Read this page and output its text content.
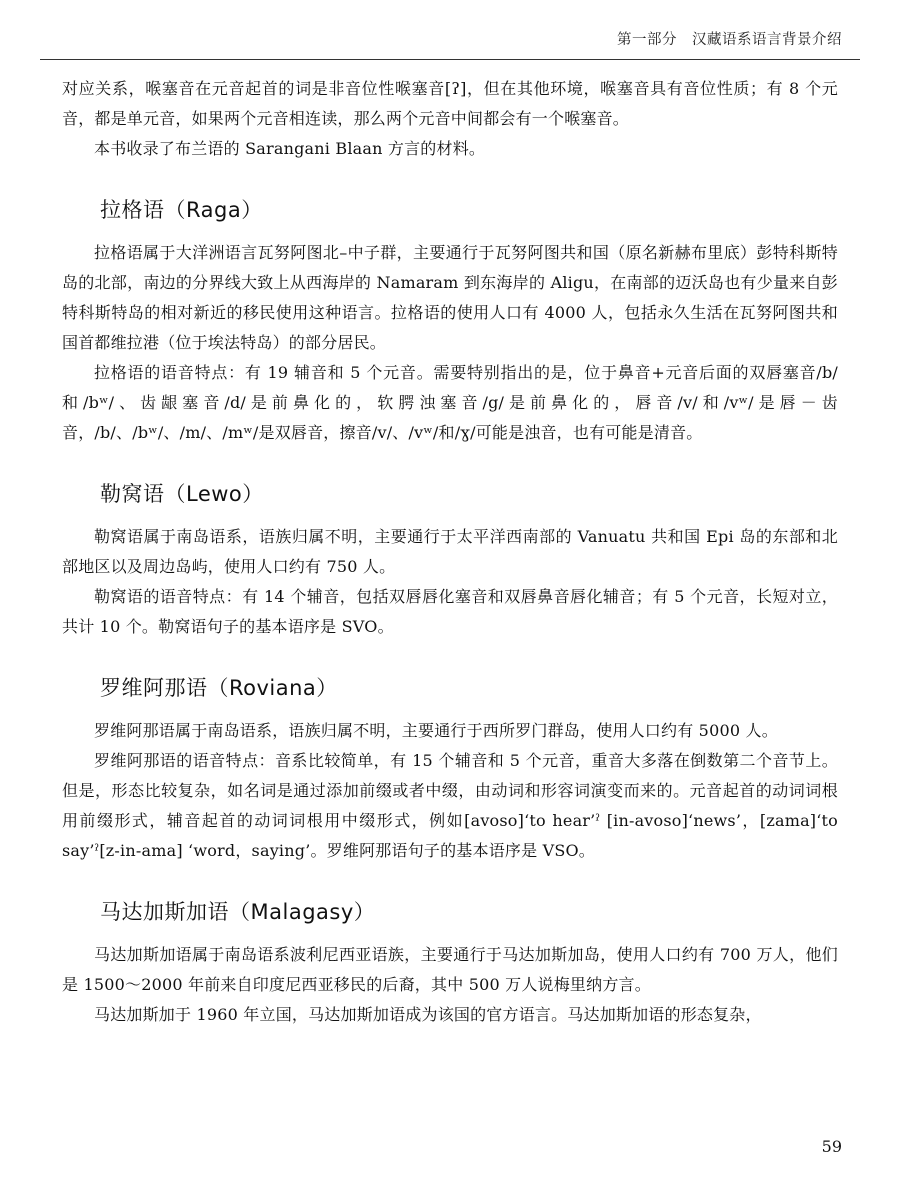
第一部分　汉藏语系语言背景介绍

对应关系，喉塞音在元音起首的词是非音位性喉塞音[ʔ]，但在其他环境，喉塞音具有音位性质；有 8 个元音，都是单元音，如果两个元音相连读，那么两个元音中间都会有一个喉塞音。

本书收录了布兰语的 Sarangani Blaan 方言的材料。

拉格语（Raga）

拉格语属于大洋洲语言瓦努阿图北–中子群，主要通行于瓦努阿图共和国（原名新赫布里底）彭特科斯特岛的北部，南边的分界线大致上从西海岸的 Namaram 到东海岸的 Aligu，在南部的迈沃岛也有少量来自彭特科斯特岛的相对新近的移民使用这种语言。拉格语的使用人口有 4000 人，包括永久生活在瓦努阿图共和国首都维拉港（位于埃法特岛）的部分居民。

拉格语的语音特点：有 19 辅音和 5 个元音。需要特别指出的是，位于鼻音+元音后面的双唇塞音/b/和/bʷ/、齿龈塞音/d/是前鼻化的，软腭浊塞音/g/是前鼻化的，唇音/v/和/vʷ/是唇－齿音，/b/、/bʷ/、/m/、/mʷ/是双唇音，擦音/v/、/vʷ/和/ɣ/可能是浊音，也有可能是清音。

勒窝语（Lewo）

勒窝语属于南岛语系，语族归属不明，主要通行于太平洋西南部的 Vanuatu 共和国 Epi 岛的东部和北部地区以及周边岛屿，使用人口约有 750 人。

勒窝语的语音特点：有 14 个辅音，包括双唇唇化塞音和双唇鼻音唇化辅音；有 5 个元音，长短对立，共计 10 个。勒窝语句子的基本语序是 SVO。

罗维阿那语（Roviana）

罗维阿那语属于南岛语系，语族归属不明，主要通行于西所罗门群岛，使用人口约有 5000 人。

罗维阿那语的语音特点：音系比较简单，有 15 个辅音和 5 个元音，重音大多落在倒数第二个音节上。但是，形态比较复杂，如名词是通过添加前缀或者中缀，由动词和形容词演变而来的。元音起首的动词词根用前缀形式，辅音起首的动词词根用中缀形式，例如[avoso]‘to hear’ˀ [in-avoso]‘news’，[zama]‘to say’ˀ[z-in-ama] ‘word，saying’。罗维阿那语句子的基本语序是 VSO。

马达加斯加语（Malagasy）

马达加斯加语属于南岛语系波利尼西亚语族，主要通行于马达加斯加岛，使用人口约有 700 万人，他们是 1500～2000 年前来自印度尼西亚移民的后裔，其中 500 万人说梅里纳方言。

马达加斯加于 1960 年立国，马达加斯加语成为该国的官方语言。马达加斯加语的形态复杂，

59
